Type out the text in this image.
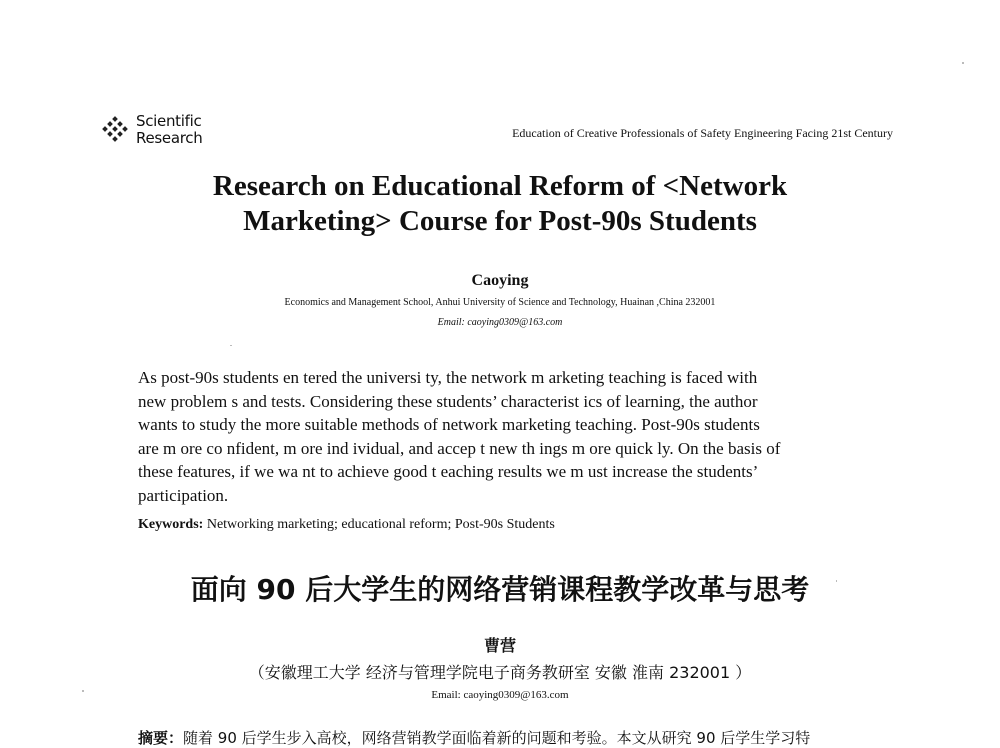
Scientific
Research	Education of Creative Professionals of Safety Engineering Facing 21st Century
Research on Educational Reform of <Network
Marketing> Course for Post-90s Students
Caoying
Economics and Management School, Anhui University of Science and Technology, Huainan ,China 232001
Email: caoying0309@163.com
As post-90s students en tered the universi ty, the network m arketing teaching is faced with
new problem s and tests. Considering these students’ characterist ics of learning, the author
wants to study the more suitable methods of network marketing teaching. Post-90s students
are m ore co nfident, m ore ind ividual, and accep t new th ings m ore quick ly. On the basis of
these features, if we wa nt to achieve good t eaching results we m ust increase the students’
participation.
Keywords: Networking marketing; educational reform; Post-90s Students
面向 90 后大学生的网络营销课程教学改革与思考
曹营
（安徽理工大学 经济与管理学院电子商务教研室 安徽 淮南 232001 ）
Email: caoying0309@163.com
摘要：随着 90 后学生步入高校，网络营销教学面临着新的问题和考验。本文从研究 90 后学生学习特
